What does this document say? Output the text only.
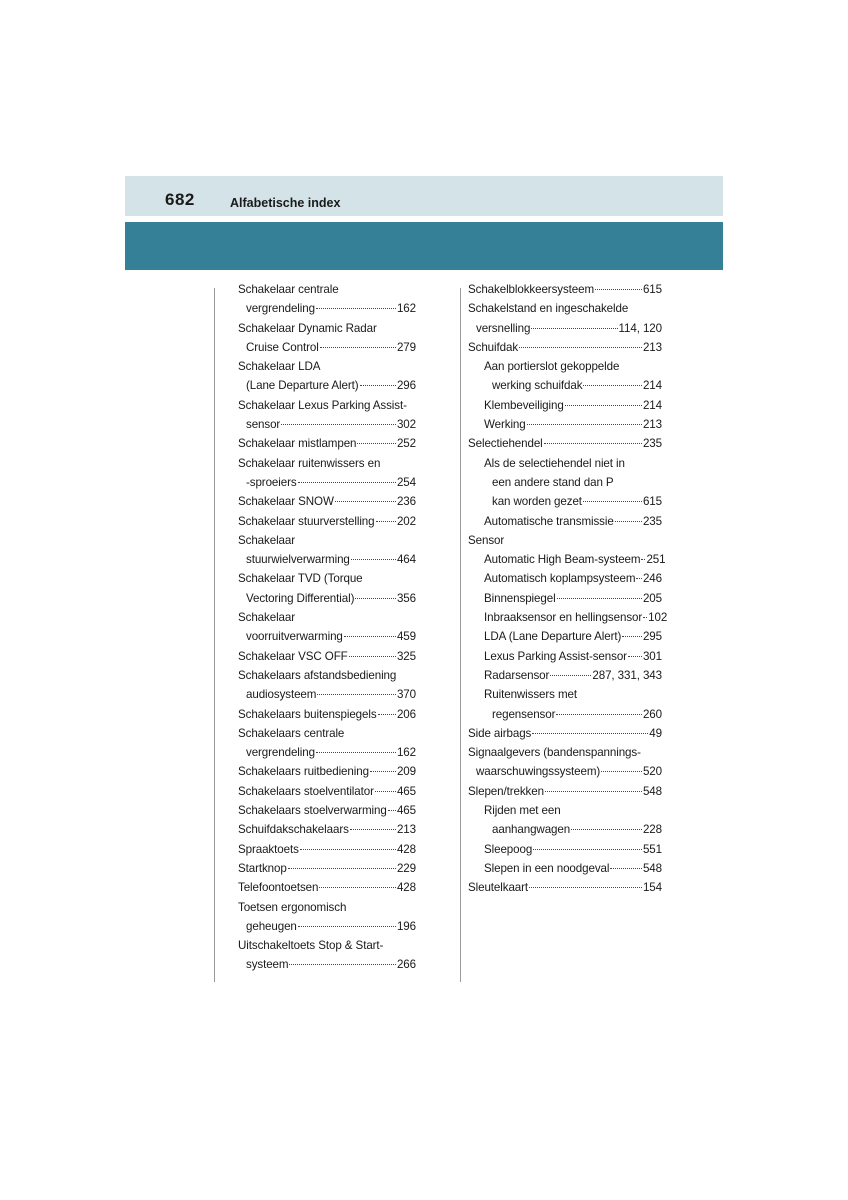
682	Alfabetische index
Schakelaar centrale
vergrendeling	162
Schakelaar Dynamic Radar
Cruise Control	279
Schakelaar LDA
(Lane Departure Alert)	296
Schakelaar Lexus Parking Assist-
sensor	302
Schakelaar mistlampen	252
Schakelaar ruitenwissers en
-sproeiers	254
Schakelaar SNOW	236
Schakelaar stuurverstelling 202
Schakelaar
stuurwielverwarming	464
Schakelaar TVD (Torque
Vectoring Differential)	356
Schakelaar
voorruitverwarming	459
Schakelaar VSC OFF	325
Schakelaars afstandsbediening
audiosysteem	370
Schakelaars buitenspiegels 206
Schakelaars centrale
vergrendeling	162
Schakelaars ruitbediening 209
Schakelaars stoelventilator 465
Schakelaars stoelverwarming 465
Schuifdakschakelaars	213
Spraaktoets	428
Startknop	229
Telefoontoetsen	428
Toetsen ergonomisch
geheugen	196
Uitschakeltoets Stop & Start-
systeem	266
Schakelblokkeersysteem	615
Schakelstand en ingeschakelde
versnelling	114, 120
Schuifdak	213
Aan portierslot gekoppelde
werking schuifdak	214
Klembeveiliging	214
Werking	213
Selectiehendel	235
Als de selectiehendel niet in
een andere stand dan P
kan worden gezet	615
Automatische transmissie	235
Sensor
Automatic High Beam-systeem 251
Automatisch koplampsysteem 246
Binnenspiegel	205
Inbraaksensor en hellingsensor 102
LDA (Lane Departure Alert) 295
Lexus Parking Assist-sensor 301
Radarsensor	287, 331, 343
Ruitenwissers met
regensensor	260
Side airbags	49
Signaalgevers (bandenspannings-
waarschuwingssysteem)	520
Slepen/trekken	548
Rijden met een
aanhangwagen	228
Sleepoog	551
Slepen in een noodgeval	548
Sleutelkaart	154
